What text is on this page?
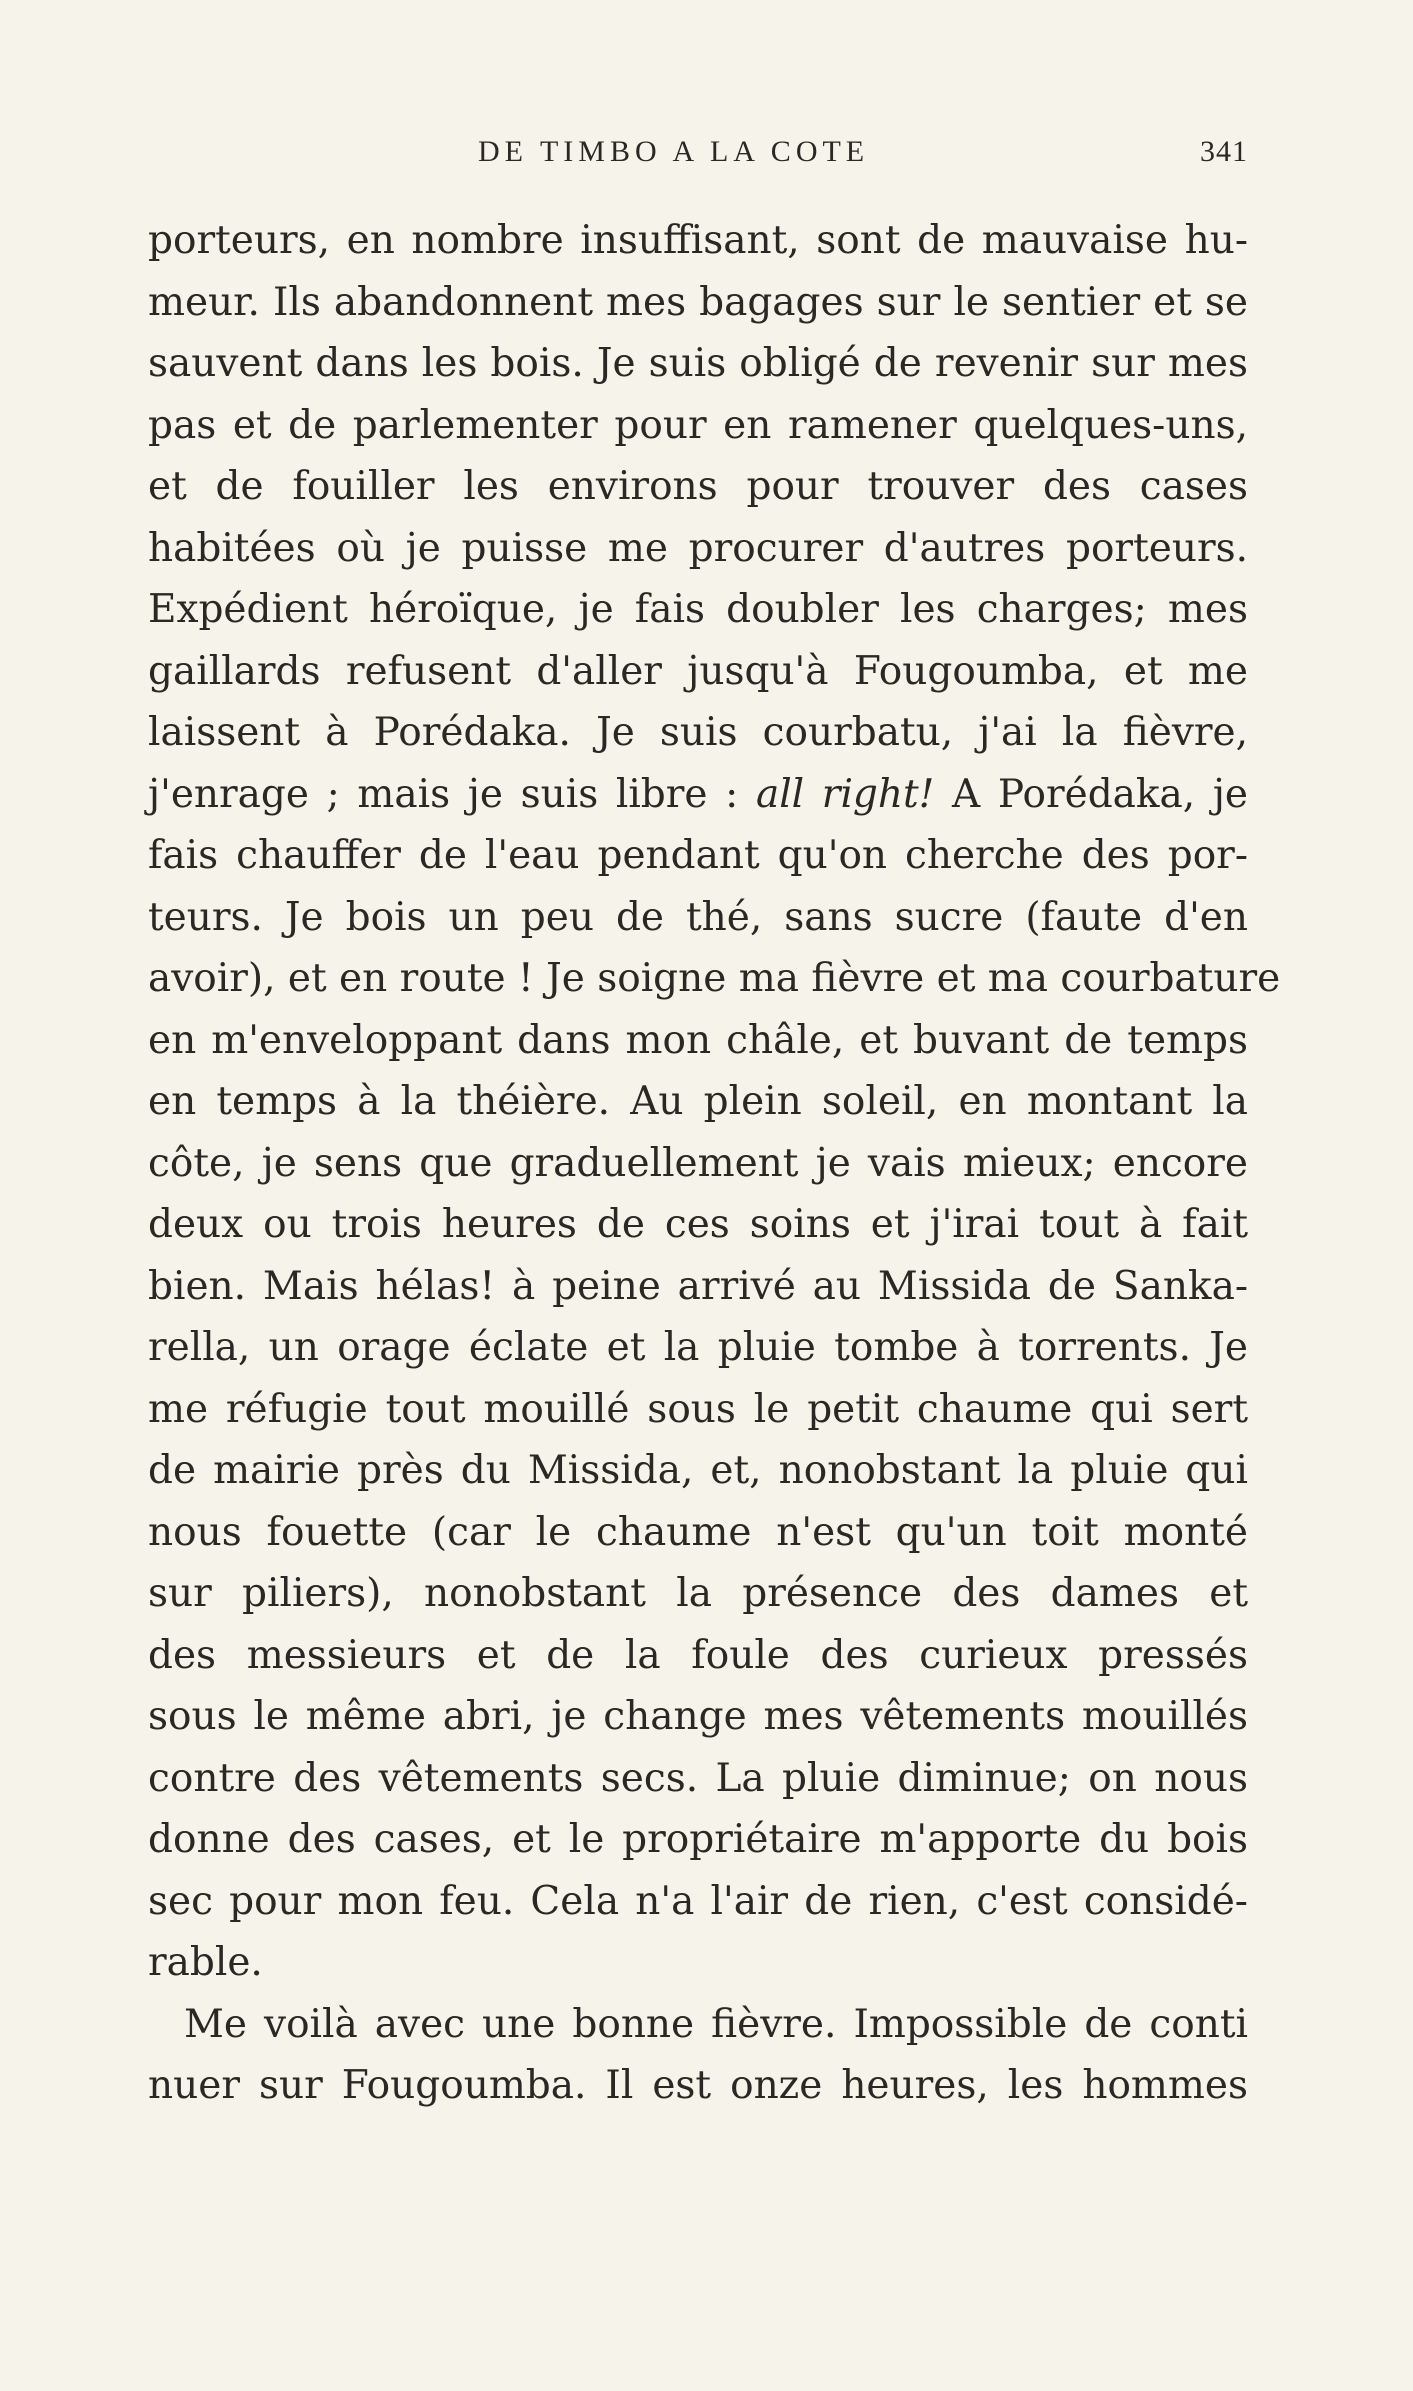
DE TIMBO A LA COTE	341
porteurs, en nombre insuffisant, sont de mauvaise hu-
meur. Ils abandonnent mes bagages sur le sentier et se
sauvent dans les bois. Je suis obligé de revenir sur mes
pas et de parlementer pour en ramener quelques-uns,
et de fouiller les environs pour trouver des cases
habitées où je puisse me procurer d'autres porteurs.
Expédient héroïque, je fais doubler les charges; mes
gaillards refusent d'aller jusqu'à Fougoumba, et me
laissent à Porédaka. Je suis courbatu, j'ai la fièvre,
j'enrage ; mais je suis libre : all right! A Porédaka, je
fais chauffer de l'eau pendant qu'on cherche des por-
teurs. Je bois un peu de thé, sans sucre (faute d'en
avoir), et en route ! Je soigne ma fièvre et ma courbature
en m'enveloppant dans mon châle, et buvant de temps
en temps à la théière. Au plein soleil, en montant la
côte, je sens que graduellement je vais mieux; encore
deux ou trois heures de ces soins et j'irai tout à fait
bien. Mais hélas! à peine arrivé au Missida de Sanka-
rella, un orage éclate et la pluie tombe à torrents. Je
me réfugie tout mouillé sous le petit chaume qui sert
de mairie près du Missida, et, nonobstant la pluie qui
nous fouette (car le chaume n'est qu'un toit monté
sur piliers), nonobstant la présence des dames et
des messieurs et de la foule des curieux pressés
sous le même abri, je change mes vêtements mouillés
contre des vêtements secs. La pluie diminue; on nous
donne des cases, et le propriétaire m'apporte du bois
sec pour mon feu. Cela n'a l'air de rien, c'est considé-
rable.
Me voilà avec une bonne fièvre. Impossible de conti
nuer sur Fougoumba. Il est onze heures, les hommes
